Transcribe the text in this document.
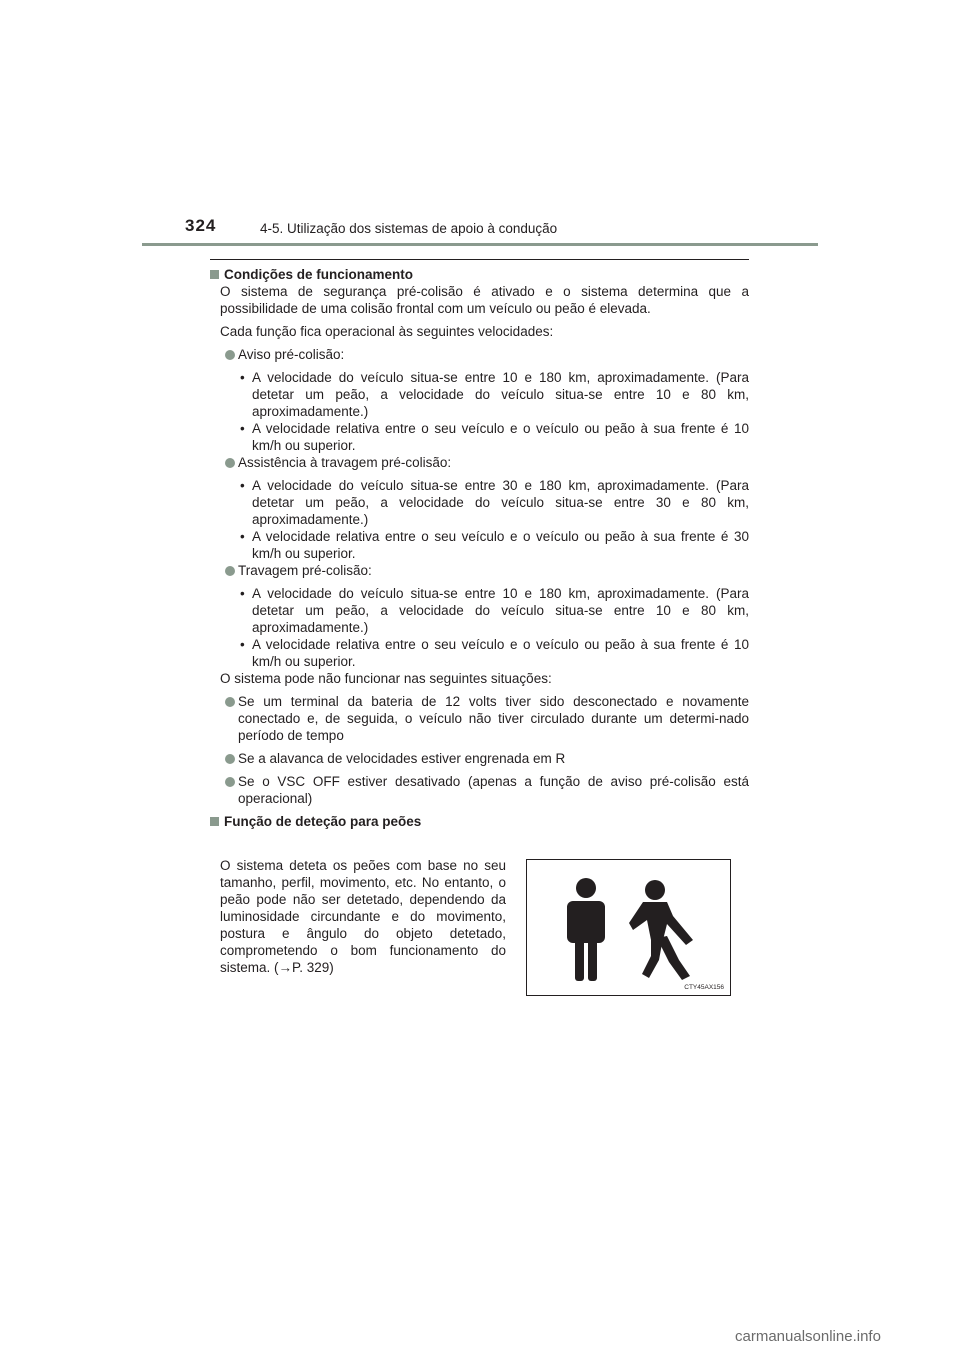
324	4-5. Utilização dos sistemas de apoio à condução

Condições de funcionamento

O sistema de segurança pré-colisão é ativado e o sistema determina que a possibilidade de uma colisão frontal com um veículo ou peão é elevada.

Cada função fica operacional às seguintes velocidades:

Aviso pré-colisão:

• A velocidade do veículo situa-se entre 10 e 180 km, aproximadamente. (Para detetar um peão, a velocidade do veículo situa-se entre 10 e 80 km, aproximadamente.)

• A velocidade relativa entre o seu veículo e o veículo ou peão à sua frente é 10 km/h ou superior.

Assistência à travagem pré-colisão:

• A velocidade do veículo situa-se entre 30 e 180 km, aproximadamente. (Para detetar um peão, a velocidade do veículo situa-se entre 30 e 80 km, aproximadamente.)

• A velocidade relativa entre o seu veículo e o veículo ou peão à sua frente é 30 km/h ou superior.

Travagem pré-colisão:

• A velocidade do veículo situa-se entre 10 e 180 km, aproximadamente. (Para detetar um peão, a velocidade do veículo situa-se entre 10 e 80 km, aproximadamente.)

• A velocidade relativa entre o seu veículo e o veículo ou peão à sua frente é 10 km/h ou superior.

O sistema pode não funcionar nas seguintes situações:

Se um terminal da bateria de 12 volts tiver sido desconectado e novamente conectado e, de seguida, o veículo não tiver circulado durante um determi-nado período de tempo

Se a alavanca de velocidades estiver engrenada em R

Se o VSC OFF estiver desativado (apenas a função de aviso pré-colisão está operacional)

Função de deteção para peões

O sistema deteta os peões com base no seu tamanho, perfil, movimento, etc. No entanto, o peão pode não ser detetado, dependendo da luminosidade circundante e do movimento, postura e ângulo do objeto detetado, comprometendo o bom funcionamento do sistema. (→P. 329)
CTY45AX156
carmanualsonline.info
